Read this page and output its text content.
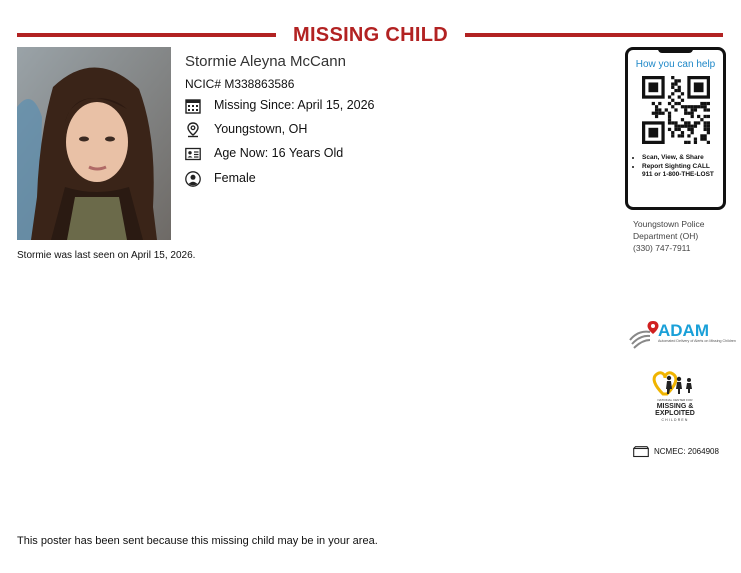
MISSING CHILD
Stormie Aleyna McCann
NCIC# M338863586
Missing Since: April 15, 2026
Youngstown, OH
Age Now: 16 Years Old
Female
Stormie was last seen on April 15, 2026.
How you can help
• Scan, View, & Share
• Report Sighting CALL 911 or 1-800-THE-LOST
Youngstown Police
Department (OH)
(330) 747-7911
ADAM
Automated Delivery of Alerts on Missing Children
NATIONAL CENTER FOR
MISSING &
EXPLOITED
CHILDREN
NCMEC: 2064908
This poster has been sent because this missing child may be in your area.
